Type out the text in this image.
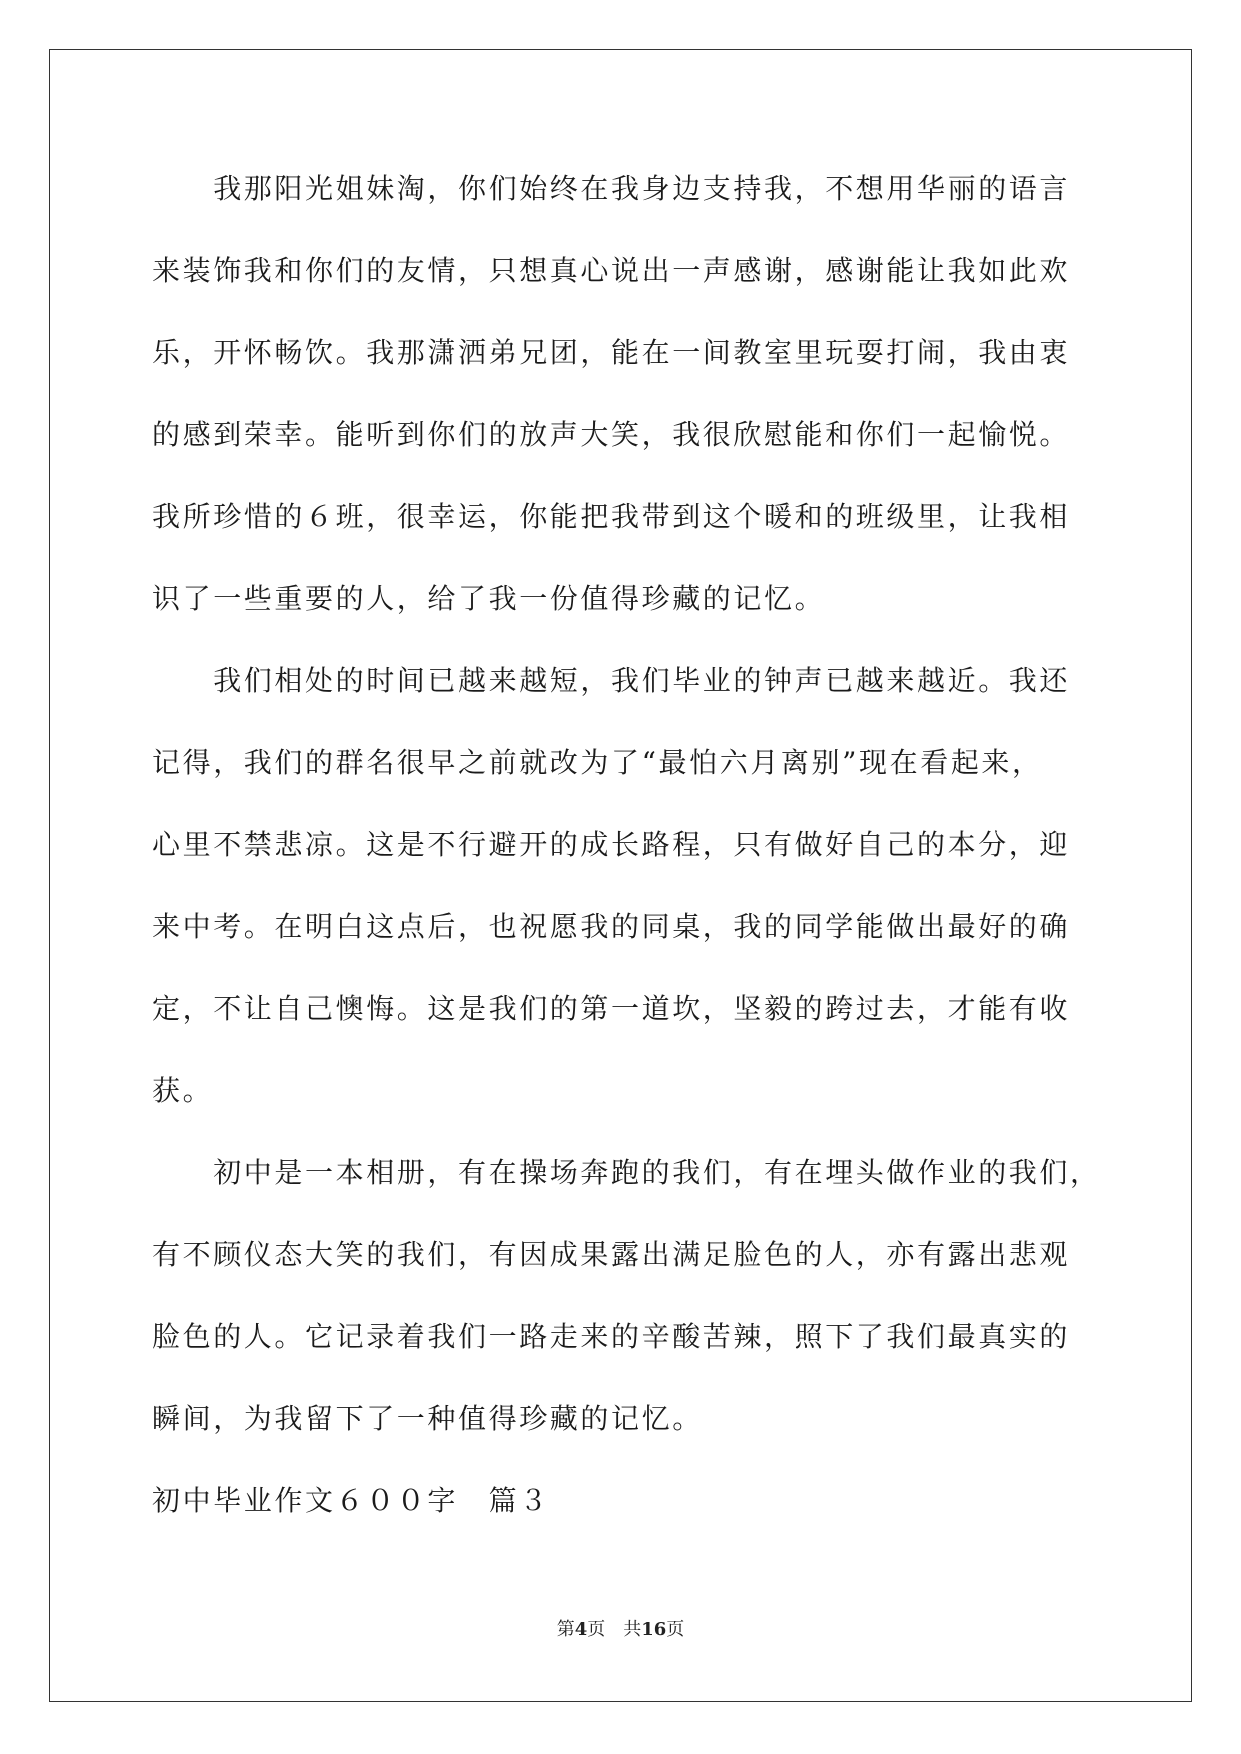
　　我那阳光姐妹淘，你们始终在我身边支持我，不想用华丽的语言
来装饰我和你们的友情，只想真心说出一声感谢，感谢能让我如此欢
乐，开怀畅饮。我那潇洒弟兄团，能在一间教室里玩耍打闹，我由衷
的感到荣幸。能听到你们的放声大笑，我很欣慰能和你们一起愉悦。
我所珍惜的６班，很幸运，你能把我带到这个暖和的班级里，让我相
识了一些重要的人，给了我一份值得珍藏的记忆。
　　我们相处的时间已越来越短，我们毕业的钟声已越来越近。我还
记得，我们的群名很早之前就改为了“最怕六月离别”现在看起来，
心里不禁悲凉。这是不行避开的成长路程，只有做好自己的本分，迎
来中考。在明白这点后，也祝愿我的同桌，我的同学能做出最好的确
定，不让自己懊悔。这是我们的第一道坎，坚毅的跨过去，才能有收
获。
　　初中是一本相册，有在操场奔跑的我们，有在埋头做作业的我们，
有不顾仪态大笑的我们，有因成果露出满足脸色的人，亦有露出悲观
脸色的人。它记录着我们一路走来的辛酸苦辣，照下了我们最真实的
瞬间，为我留下了一种值得珍藏的记忆。
初中毕业作文６００字　篇３
第4页　共16页
